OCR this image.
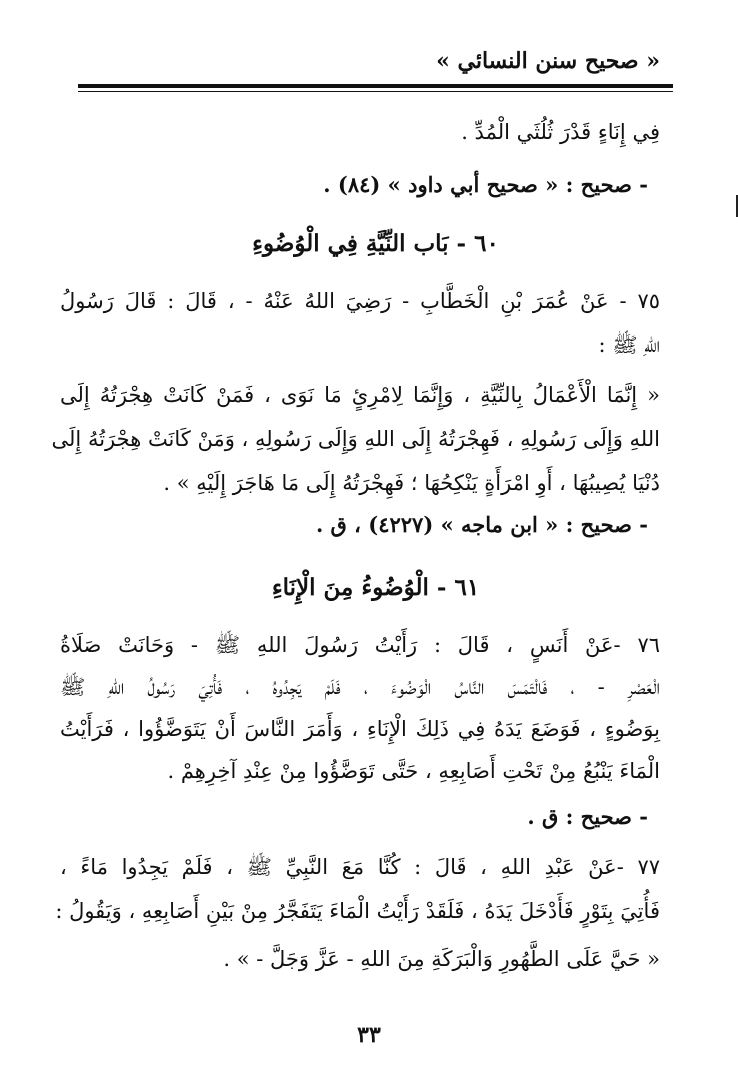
« صحيح سنن النسائي »
فِي إِنَاءٍ قَدْرَ ثُلُثَي الْمُدِّ .
- صحيح : « صحيح أبي داود » (٨٤) .
٦٠ - بَاب النِّيَّةِ فِي الْوُضُوءِ
٧٥ - عَنْ عُمَرَ بْنِ الْخَطَّابِ - رَضِيَ اللهُ عَنْهُ - ، قَالَ : قَالَ رَسُولُ
اللهِ ﷺ :
« إِنَّمَا الْأَعْمَالُ بِالنِّيَّةِ ، وَإِنَّمَا لِامْرِئٍ مَا نَوَى ، فَمَنْ كَانَتْ هِجْرَتُهُ إِلَى
اللهِ وَإِلَى رَسُولِهِ ، فَهِجْرَتُهُ إِلَى اللهِ وَإِلَى رَسُولِهِ ، وَمَنْ كَانَتْ هِجْرَتُهُ إِلَى
دُنْيَا يُصِيبُهَا ، أَوِ امْرَأَةٍ يَنْكِحُهَا ؛ فَهِجْرَتُهُ إِلَى مَا هَاجَرَ إِلَيْهِ » .
- صحيح : « ابن ماجه » (٤٢٢٧) ، ق .
٦١ - الْوُضُوءُ مِنَ الْإِنَاءِ
٧٦ -عَنْ أَنَسٍ ، قَالَ : رَأَيْتُ رَسُولَ اللهِ ﷺ - وَحَانَتْ صَلَاةُ
الْعَصْرِ - ، فَالْتَمَسَ النَّاسُ الْوَضُوءَ ، فَلَمْ يَجِدُوهُ ، فَأُتِيَ رَسُولُ اللهِ ﷺ
بِوَضُوءٍ ، فَوَضَعَ يَدَهُ فِي ذَلِكَ الْإِنَاءِ ، وَأَمَرَ النَّاسَ أَنْ يَتَوَضَّؤُوا ، فَرَأَيْتُ
الْمَاءَ يَنْبُعُ مِنْ تَحْتِ أَصَابِعِهِ ، حَتَّى تَوَضَّؤُوا مِنْ عِنْدِ آخِرِهِمْ .
- صحيح : ق .
٧٧ -عَنْ عَبْدِ اللهِ ، قَالَ : كُنَّا مَعَ النَّبِيِّ ﷺ ، فَلَمْ يَجِدُوا مَاءً ،
فَأُتِيَ بِتَوْرٍ فَأَدْخَلَ يَدَهُ ، فَلَقَدْ رَأَيْتُ الْمَاءَ يَتَفَجَّرُ مِنْ بَيْنِ أَصَابِعِهِ ، وَيَقُولُ :
« حَيَّ عَلَى الطَّهُورِ وَالْبَرَكَةِ مِنَ اللهِ - عَزَّ وَجَلَّ - » .
٣٣
